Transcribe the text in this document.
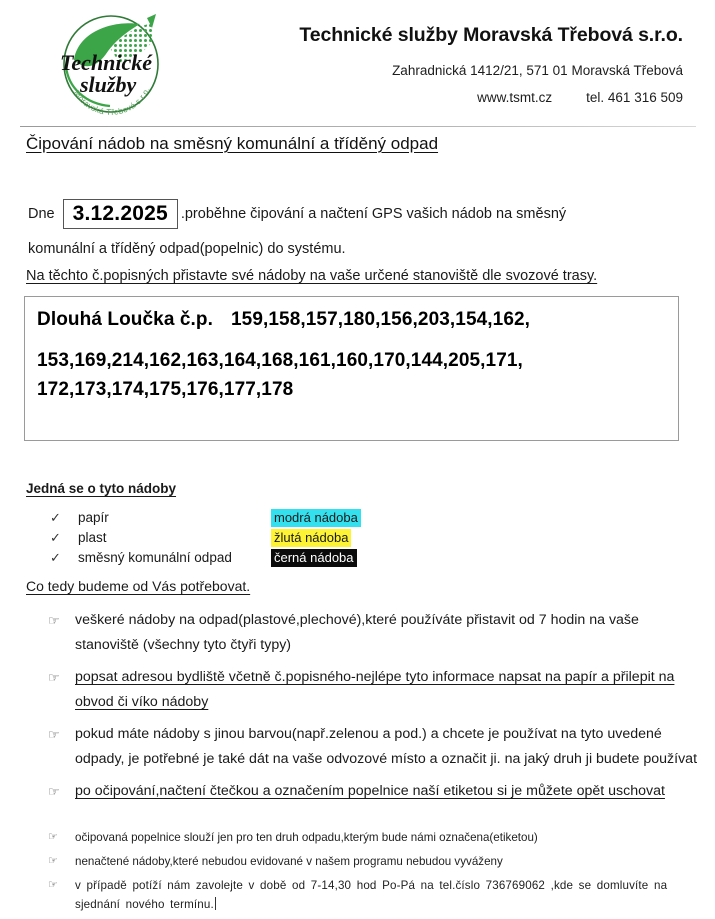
Moravská Třebová s.r.o.
Technické
služby
Technické služby Moravská Třebová s.r.o.
Zahradnická 1412/21, 571 01 Moravská Třebová
www.tsmt.cz	tel. 461 316 509
Čipování nádob na směsný komunální a tříděný odpad
Dne 3.12.2025 .proběhne čipování a načtení GPS vašich nádob na směsný
komunální a tříděný odpad(popelnic) do systému.
Na těchto č.popisných přistavte své nádoby na vaše určené stanoviště dle svozové trasy.
Dlouhá Loučka č.p. 159,158,157,180,156,203,154,162,
153,169,214,162,163,164,168,161,160,170,144,205,171,
172,173,174,175,176,177,178
Jedná se o tyto nádoby
✓	papír	modrá nádoba
✓	plast	žlutá nádoba
✓	směsný komunální odpad	černá nádoba
Co tedy budeme od Vás potřebovat.
☞ veškeré nádoby na odpad(plastové,plechové),které používáte přistavit od 7 hodin na vaše stanoviště (všechny tyto čtyři typy)
☞ popsat adresou bydliště včetně č.popisného-nejlépe tyto informace napsat na papír a přilepit na obvod či víko nádoby
☞ pokud máte nádoby s jinou barvou(např.zelenou a pod.) a chcete je používat na tyto uvedené odpady, je potřebné je také dát na vaše odvozové místo a označit ji. na jaký druh ji budete používat
☞ po očipování,načtení čtečkou a označením popelnice naší etiketou si je můžete opět uschovat
☞ očipovaná popelnice slouží jen pro ten druh odpadu,kterým bude námi označena(etiketou)
☞ nenačtené nádoby,které nebudou evidované v našem programu nebudou vyváženy
☞ v případě potíží nám zavolejte v době od 7-14,30 hod Po-Pá na tel.číslo 736769062 ,kde se domluvíte na sjednání nového termínu.
